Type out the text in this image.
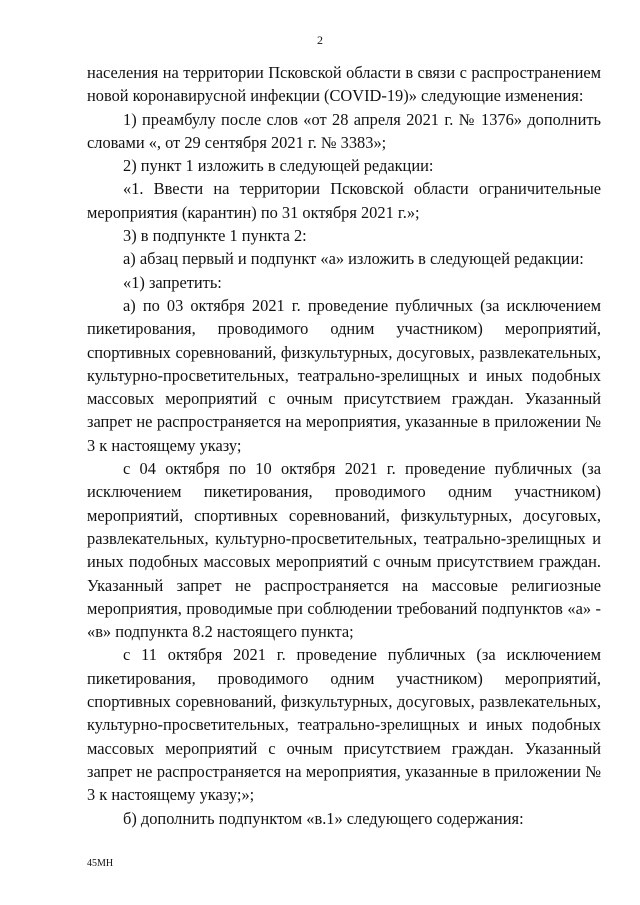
2

населения на территории Псковской области в связи с распространением новой коронавирусной инфекции (COVID-19)» следующие изменения:

1) преамбулу после слов «от 28 апреля 2021 г. № 1376» дополнить словами «, от 29 сентября 2021 г. № 3383»;

2) пункт 1 изложить в следующей редакции:

«1. Ввести на территории Псковской области ограничительные мероприятия (карантин) по 31 октября 2021 г.»;

3) в подпункте 1 пункта 2:

а) абзац первый и подпункт «а» изложить в следующей редакции:

«1) запретить:

а) по 03 октября 2021 г. проведение публичных (за исключением пикетирования, проводимого одним участником) мероприятий, спортивных соревнований, физкультурных, досуговых, развлекательных, культурно-просветительных, театрально-зрелищных и иных подобных массовых мероприятий с очным присутствием граждан. Указанный запрет не распространяется на мероприятия, указанные в приложении № 3 к настоящему указу;

с 04 октября по 10 октября 2021 г. проведение публичных (за исключением пикетирования, проводимого одним участником) мероприятий, спортивных соревнований, физкультурных, досуговых, развлекательных, культурно-просветительных, театрально-зрелищных и иных подобных массовых мероприятий с очным присутствием граждан. Указанный запрет не распространяется на массовые религиозные мероприятия, проводимые при соблюдении требований подпунктов «а» - «в» подпункта 8.2 настоящего пункта;

с 11 октября 2021 г. проведение публичных (за исключением пикетирования, проводимого одним участником) мероприятий, спортивных соревнований, физкультурных, досуговых, развлекательных, культурно-просветительных, театрально-зрелищных и иных подобных массовых мероприятий с очным присутствием граждан. Указанный запрет не распространяется на мероприятия, указанные в приложении № 3 к настоящему указу;»;

б) дополнить подпунктом «в.1» следующего содержания:

45МН
